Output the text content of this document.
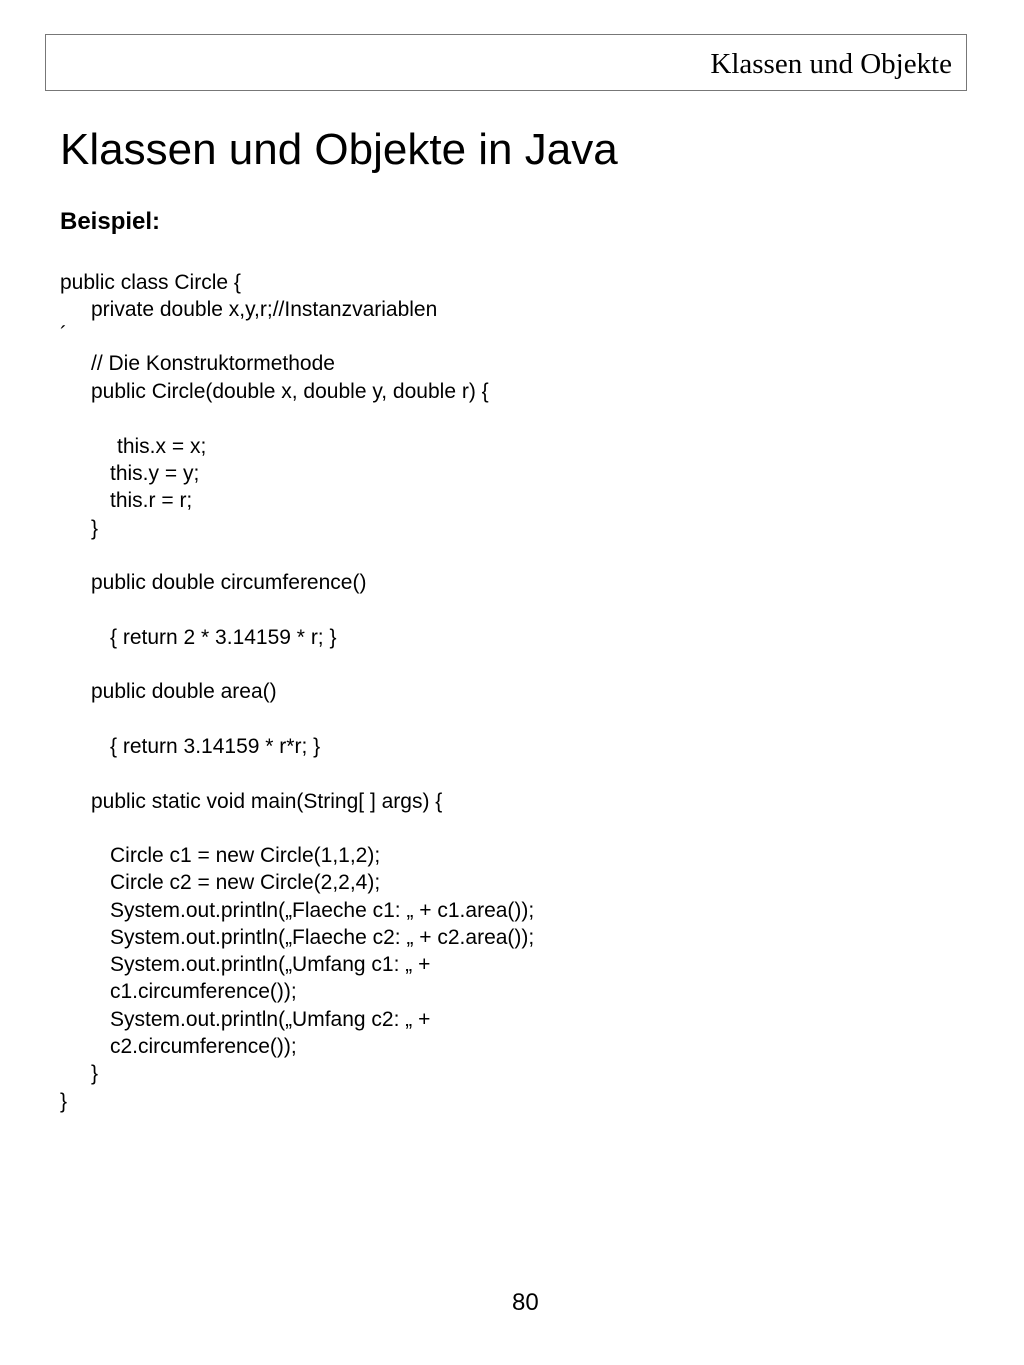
Klassen und Objekte
Klassen und Objekte in Java
Beispiel:
public class Circle {
private double x,y,r;//Instanzvariablen
´
// Die Konstruktormethode
public Circle(double x, double y, double r) {
this.x = x;
this.y = y;
this.r = r;
}
public double circumference()
{ return 2 * 3.14159 * r; }
public double area()
{ return 3.14159 * r*r; }
public static void main(String[ ] args) {
Circle c1 = new Circle(1,1,2);
Circle c2 = new Circle(2,2,4);
System.out.println(„Flaeche c1: „ + c1.area());
System.out.println(„Flaeche c2: „ + c2.area());
System.out.println(„Umfang c1: „ +
c1.circumference());
System.out.println(„Umfang c2: „ +
c2.circumference());
}
}
80
